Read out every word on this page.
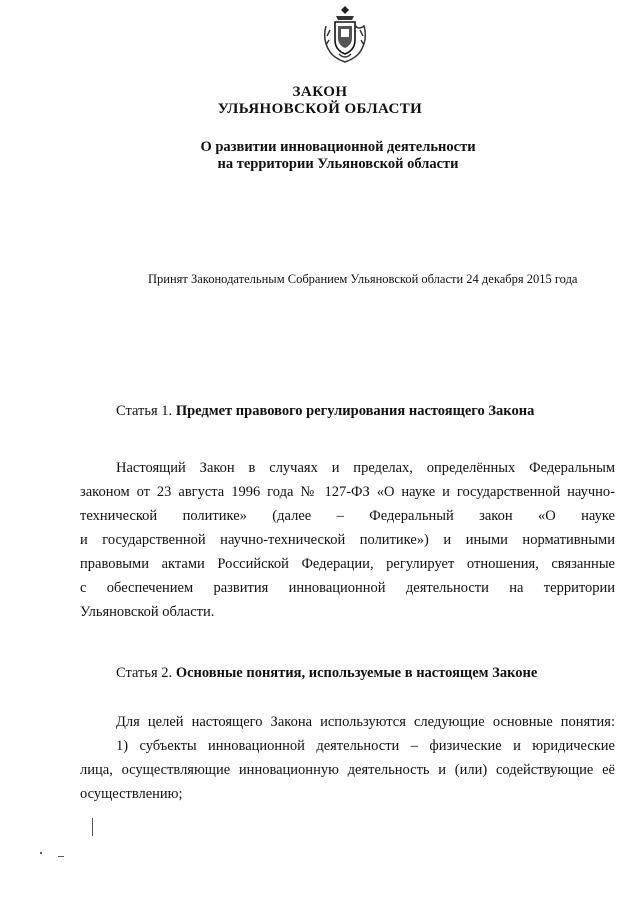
ЗАКОН
УЛЬЯНОВСКОЙ ОБЛАСТИ
О развитии инновационной деятельности
на территории Ульяновской области
Принят Законодательным Собранием Ульяновской области 24 декабря 2015 года
Статья 1. Предмет правового регулирования настоящего Закона
Настоящий Закон в случаях и пределах, определённых Федеральным
законом от 23 августа 1996 года № 127-ФЗ «О науке и государственной научно-
технической политике» (далее – Федеральный закон «О науке
и государственной научно-технической политике») и иными нормативными
правовыми актами Российской Федерации, регулирует отношения, связанные
с обеспечением развития инновационной деятельности на территории
Ульяновской области.
Статья 2. Основные понятия, используемые в настоящем Законе
Для целей настоящего Закона используются следующие основные понятия:
1) субъекты инновационной деятельности – физические и юридические
лица, осуществляющие инновационную деятельность и (или) содействующие её
осуществлению;
